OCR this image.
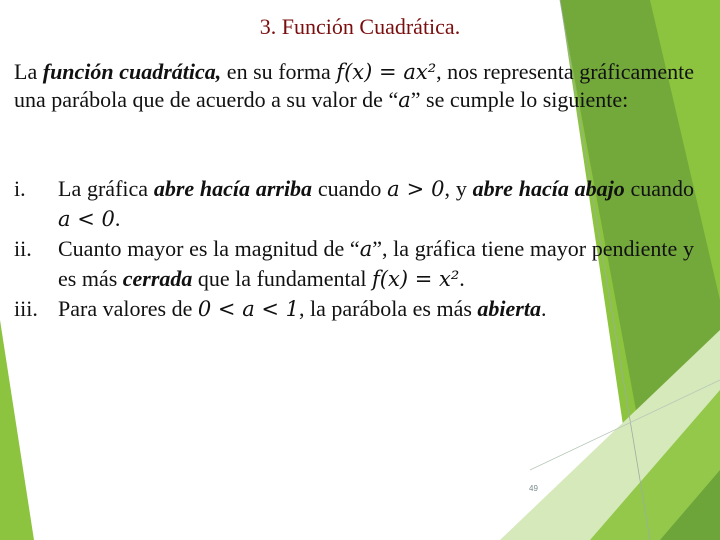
3. Función Cuadrática.
La función cuadrática, en su forma f(x) = ax², nos representa gráficamente una parábola que de acuerdo a su valor de “a” se cumple lo siguiente:
i.	La gráfica abre hacía arriba cuando a > 0, y abre hacía abajo cuando a < 0.
ii.	Cuanto mayor es la magnitud de “a”, la gráfica tiene mayor pendiente y es más cerrada que la fundamental f(x) = x².
iii. Para valores de 0 < a < 1, la parábola es más abierta.
49
